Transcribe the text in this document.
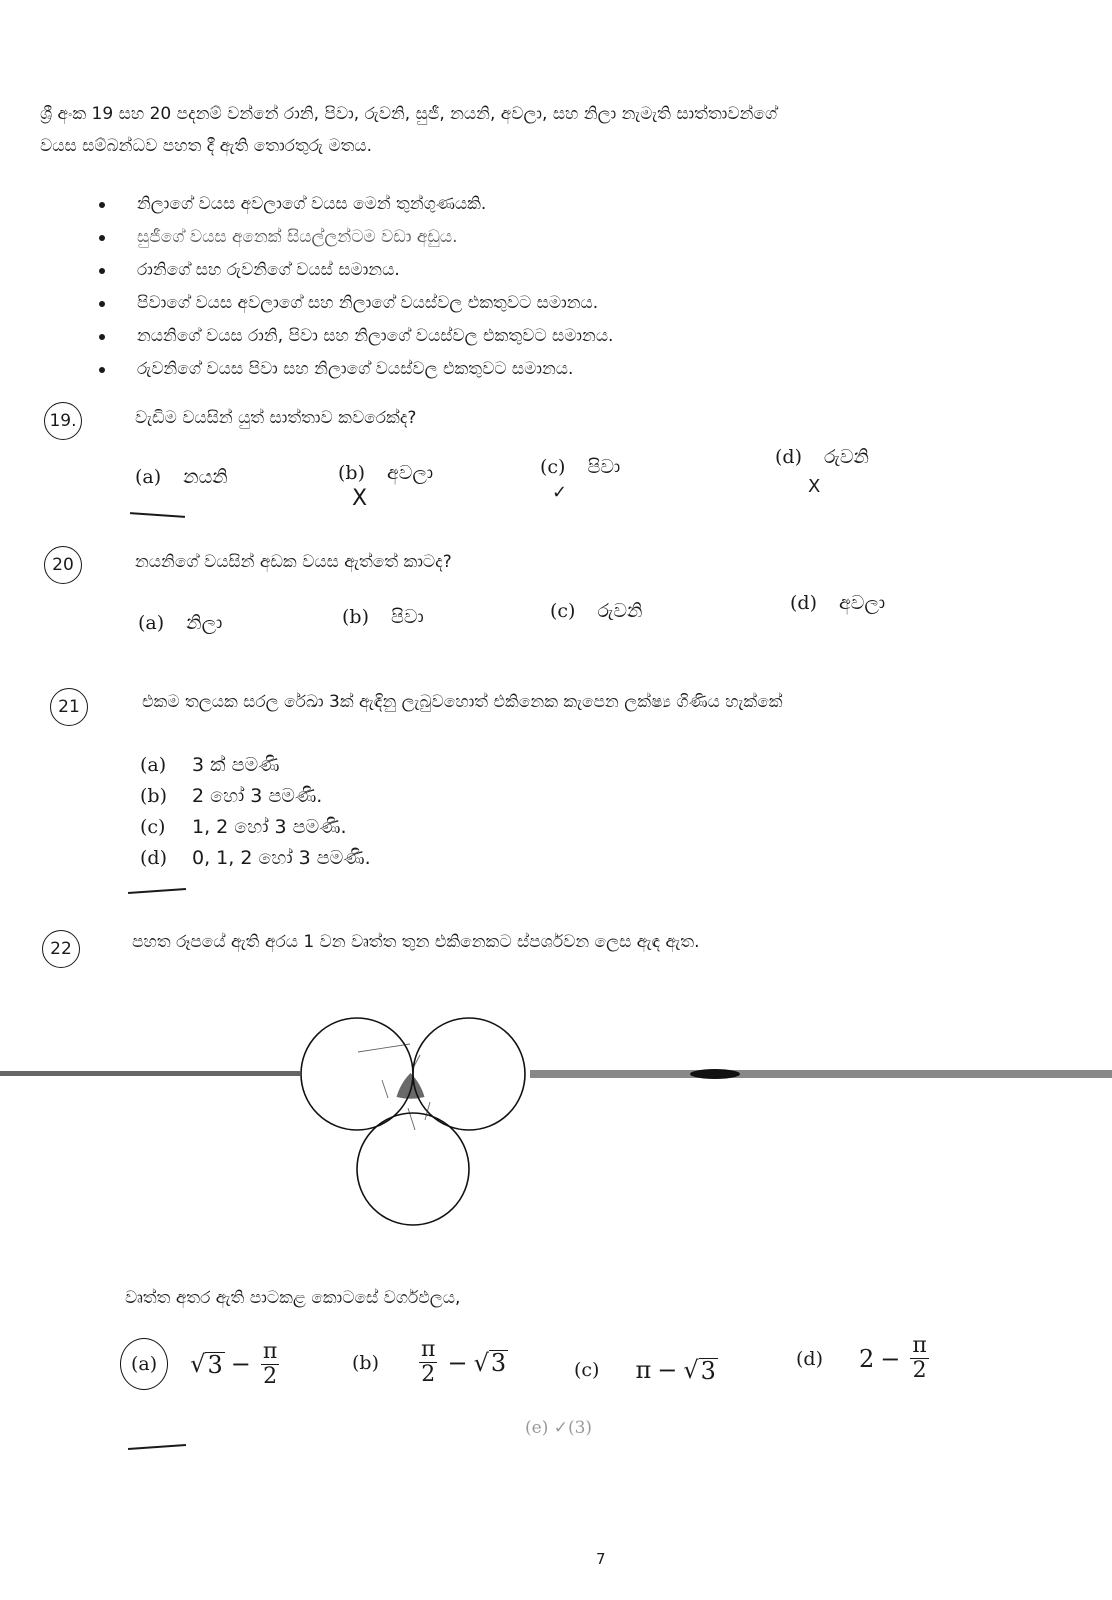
ශ්‍රී අංක 19 සහ 20 පදනම් වන්නේ රානි, පිවා, රුවනි, සුජී, නයනි, අවලා, සහ නිලා නැමැති සාත්තාවන්ගේ
වයස සම්බන්ධව පහත දී ඇති තොරතුරු මතය.
නිලාගේ වයස අවලාගේ වයස මෙන් තුන්ගුණයකි.
සුජීගේ වයස අනෙක් සියල්ලන්ටම වඩා අඩුය.
රානිගේ සහ රුවනිගේ වයස් සමානය.
පිවාගේ වයස අවලාගේ සහ නිලාගේ වයස්වල එකතුවට සමානය.
නයනිගේ වයස රානි, පිවා සහ නිලාගේ වයස්වල එකතුවට සමානය.
රුවනිගේ වයස පිවා සහ නිලාගේ වයස්වල එකතුවට සමානය.
19.	වැඩිම වයසින් යුත් සාත්තාව කවරෙක්ද?
(a) නයනි	(b) අවලා	(c) පිවා	(d) රුවනි
X	✓	X
20	නයනිගේ වයසින් අඩක වයස ඇත්තේ කාටද?
(a) නිලා	(b) පිවා	(c) රුවනි	(d) අවලා
21	එකම තලයක සරල රේඛා 3ක් ඇඳිනු ලැබුවහොත් එකිනෙක කැපෙන ලක්ෂ්‍ය ගිණිය හැක්කේ
(a) 3 ක් පමණි
(b) 2 හෝ 3 පමණි.
(c) 1, 2 හෝ 3 පමණි.
(d) 0, 1, 2 හෝ 3 පමණි.
22	පහත රූපයේ ඇති අරය 1 වන වෘත්ත තුන එකිනෙකට ස්පර්ශවන ලෙස ඇඳ ඇත.
වෘත්ත අතර ඇති පාටකළ කොටසේ වර්ගඵලය,
(a)	√ $3 - \frac{\pi}{2}$	$(b) \frac{\pi}{2}$ − √ 3	(c) π − √ 3	(d) $2 - \frac{\pi}{2}$
(e) ✓(3)
7
